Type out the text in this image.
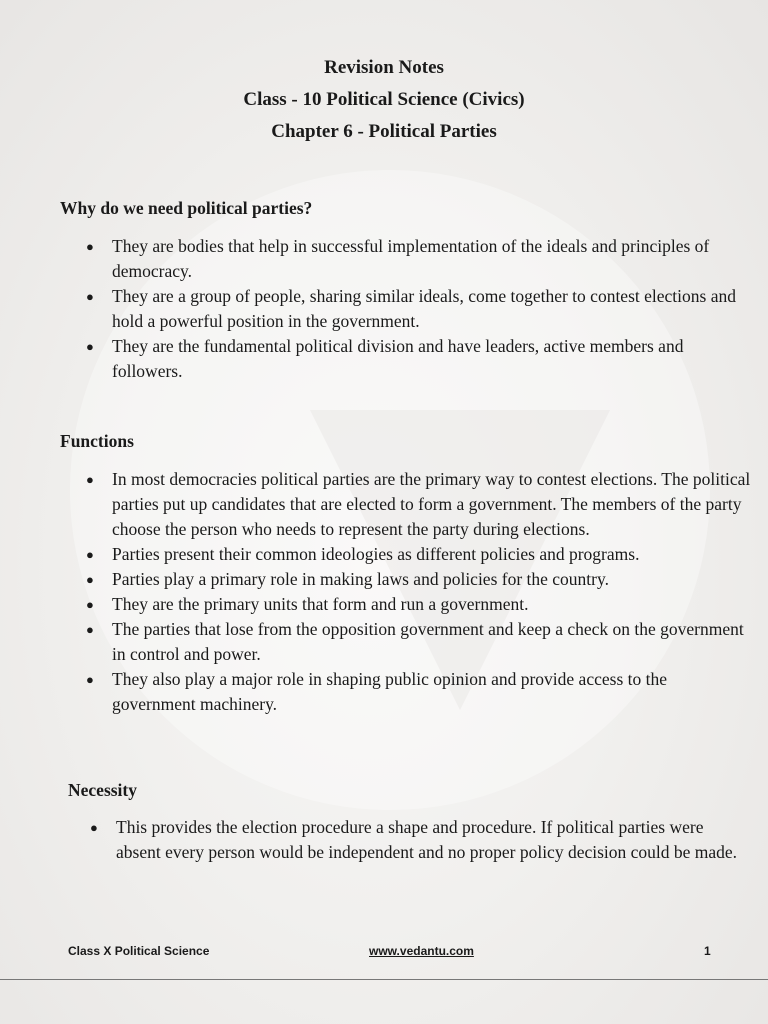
Revision Notes
Class - 10 Political Science (Civics)
Chapter 6 - Political Parties
Why do we need political parties?
● They are bodies that help in successful implementation of the ideals and principles of democracy.
● They are a group of people, sharing similar ideals, come together to contest elections and hold a powerful position in the government.
● They are the fundamental political division and have leaders, active members and followers.
Functions
● In most democracies political parties are the primary way to contest elections. The political parties put up candidates that are elected to form a government. The members of the party choose the person who needs to represent the party during elections.
● Parties present their common ideologies as different policies and programs.
● Parties play a primary role in making laws and policies for the country.
● They are the primary units that form and run a government.
● The parties that lose from the opposition government and keep a check on the government in control and power.
● They also play a major role in shaping public opinion and provide access to the government machinery.
Necessity
● This provides the election procedure a shape and procedure. If political parties were absent every person would be independent and no proper policy decision could be made.
Class X Political Science	www.vedantu.com	1
